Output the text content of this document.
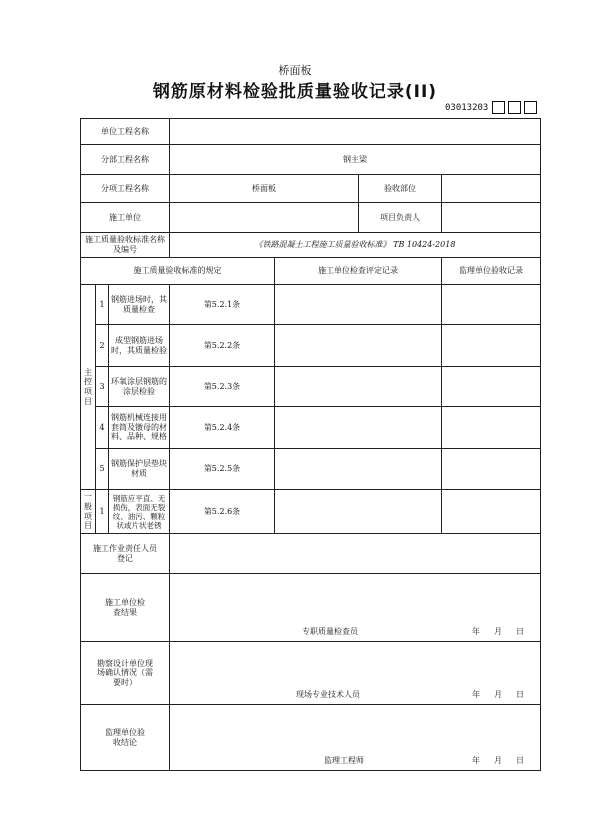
桥面板
钢筋原材料检验批质量验收记录(II)
03013203
单位工程名称						
分部工程名称			钢主梁			
分项工程名称			桥面板		验收部位	
施工单位					项目负责人	
施工质量验收标准名称及编号			《铁路混凝土工程施工质量验收标准》 TB 10424-2018			
施工质量验收标准的规定				施工单位检查评定记录		监理单位验收记录

主控项目	1	钢筋进场时，其质量检查	第5.2.1条			
	2	成型钢筋进场时，其质量检验	第5.2.2条			
	3	环氧涂层钢筋的涂层检验	第5.2.3条			
	4	钢筋机械连接用套筒及镦母的材料、品种、规格	第5.2.4条			
	5	钢筋保护层垫块材质	第5.2.5条			

一般项目	1	钢筋应平直、无损伤，表面无裂纹、油污、颗粒状或片状老锈	第5.2.6条			

施工作业责任人员登记						

施工单位检查结果			专职质量检查员 年 月 日			

勘察设计单位现场确认情况（需要时）			现场专业技术人员 年 月 日			

监理单位验收结论			监理工程师 年 月 日			
